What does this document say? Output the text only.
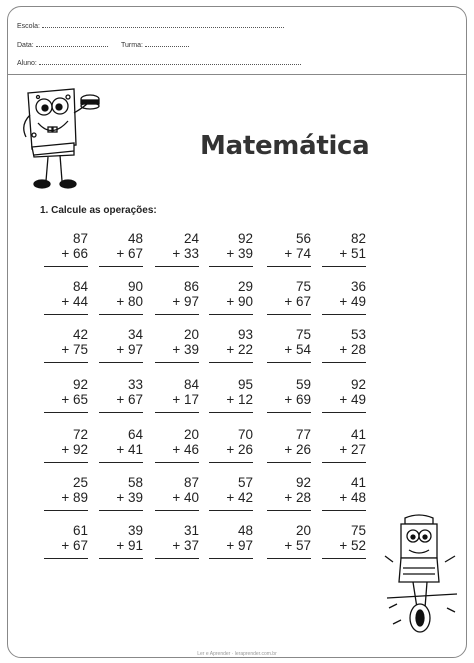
Escola:
Data:	Turma:
Aluno:
Matemática
1. Calcule as operações:
87
+ 66
48
+ 67
24
+ 33
92
+ 39
56
+ 74
82
+ 51
84
+ 44
90
+ 80
86
+ 97
29
+ 90
75
+ 67
36
+ 49
42
+ 75
34
+ 97
20
+ 39
93
+ 22
75
+ 54
53
+ 28
92
+ 65
33
+ 67
84
+ 17
95
+ 12
59
+ 69
92
+ 49
72
+ 92
64
+ 41
20
+ 46
70
+ 26
77
+ 26
41
+ 27
25
+ 89
58
+ 39
87
+ 40
57
+ 42
92
+ 28
41
+ 48
61
+ 67
39
+ 91
31
+ 37
48
+ 97
20
+ 57
75
+ 52
Ler e Aprender · leraprender.com.br
